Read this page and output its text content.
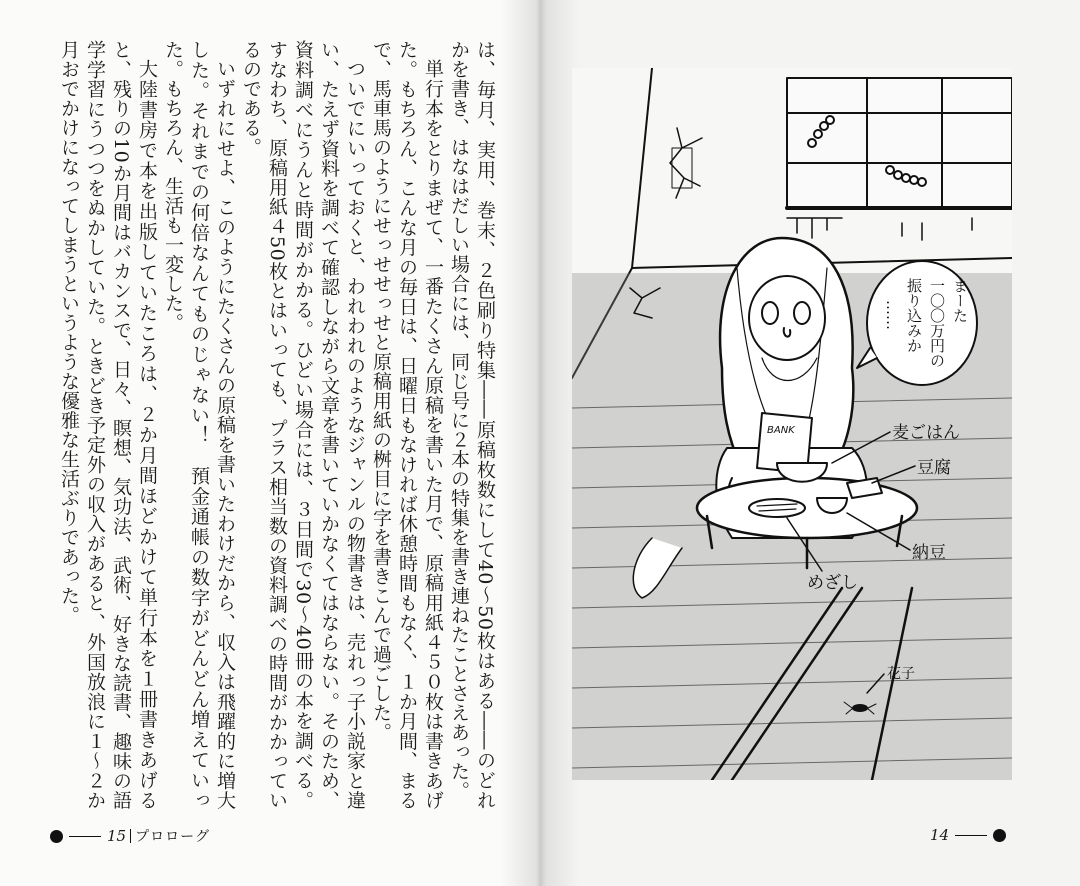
は、毎月、実用、巻末、２色刷り特集――原稿枚数にして40～50枚はある――のどれかを書き、はなはだしい場合には、同じ号に２本の特集を書き連ねたことさえあった。

単行本をとりまぜて、一番たくさん原稿を書いた月で、原稿用紙４５０枚は書きあげた。もちろん、こんな月の毎日は、日曜日もなければ休憩時間もなく、１か月間、まるで、馬車馬のようにせっせせっせと原稿用紙の桝目に字を書きこんで過ごした。

ついでにいっておくと、われわれのようなジャンルの物書きは、売れっ子小説家と違い、たえず資料を調べて確認しながら文章を書いていかなくてはならない。そのため、資料調べにうんと時間がかかる。ひどい場合には、３日間で30～40冊の本を調べる。すなわち、原稿用紙４50枚とはいっても、プラス相当数の資料調べの時間がかかっているのである。

いずれにせよ、このようにたくさんの原稿を書いたわけだから、収入は飛躍的に増大した。それまでの何倍なんてものじゃない！　預金通帳の数字がどんどん増えていった。もちろん、生活も一変した。

大陸書房で本を出版していたころは、２か月間ほどかけて単行本を１冊書きあげると、残りの10か月間はバカンスで、日々、瞑想、気功法、武術、好きな読書、趣味の語学学習にうつつをぬかしていた。ときどき予定外の収入があると、外国放浪に１～２か月おでかけになってしまうというような優雅な生活ぶりであった。

15 プロローグ
BANK
まーた
一〇〇万円の
振り込みか
……
麦ごはん
豆腐
納豆
めざし
花子
14
